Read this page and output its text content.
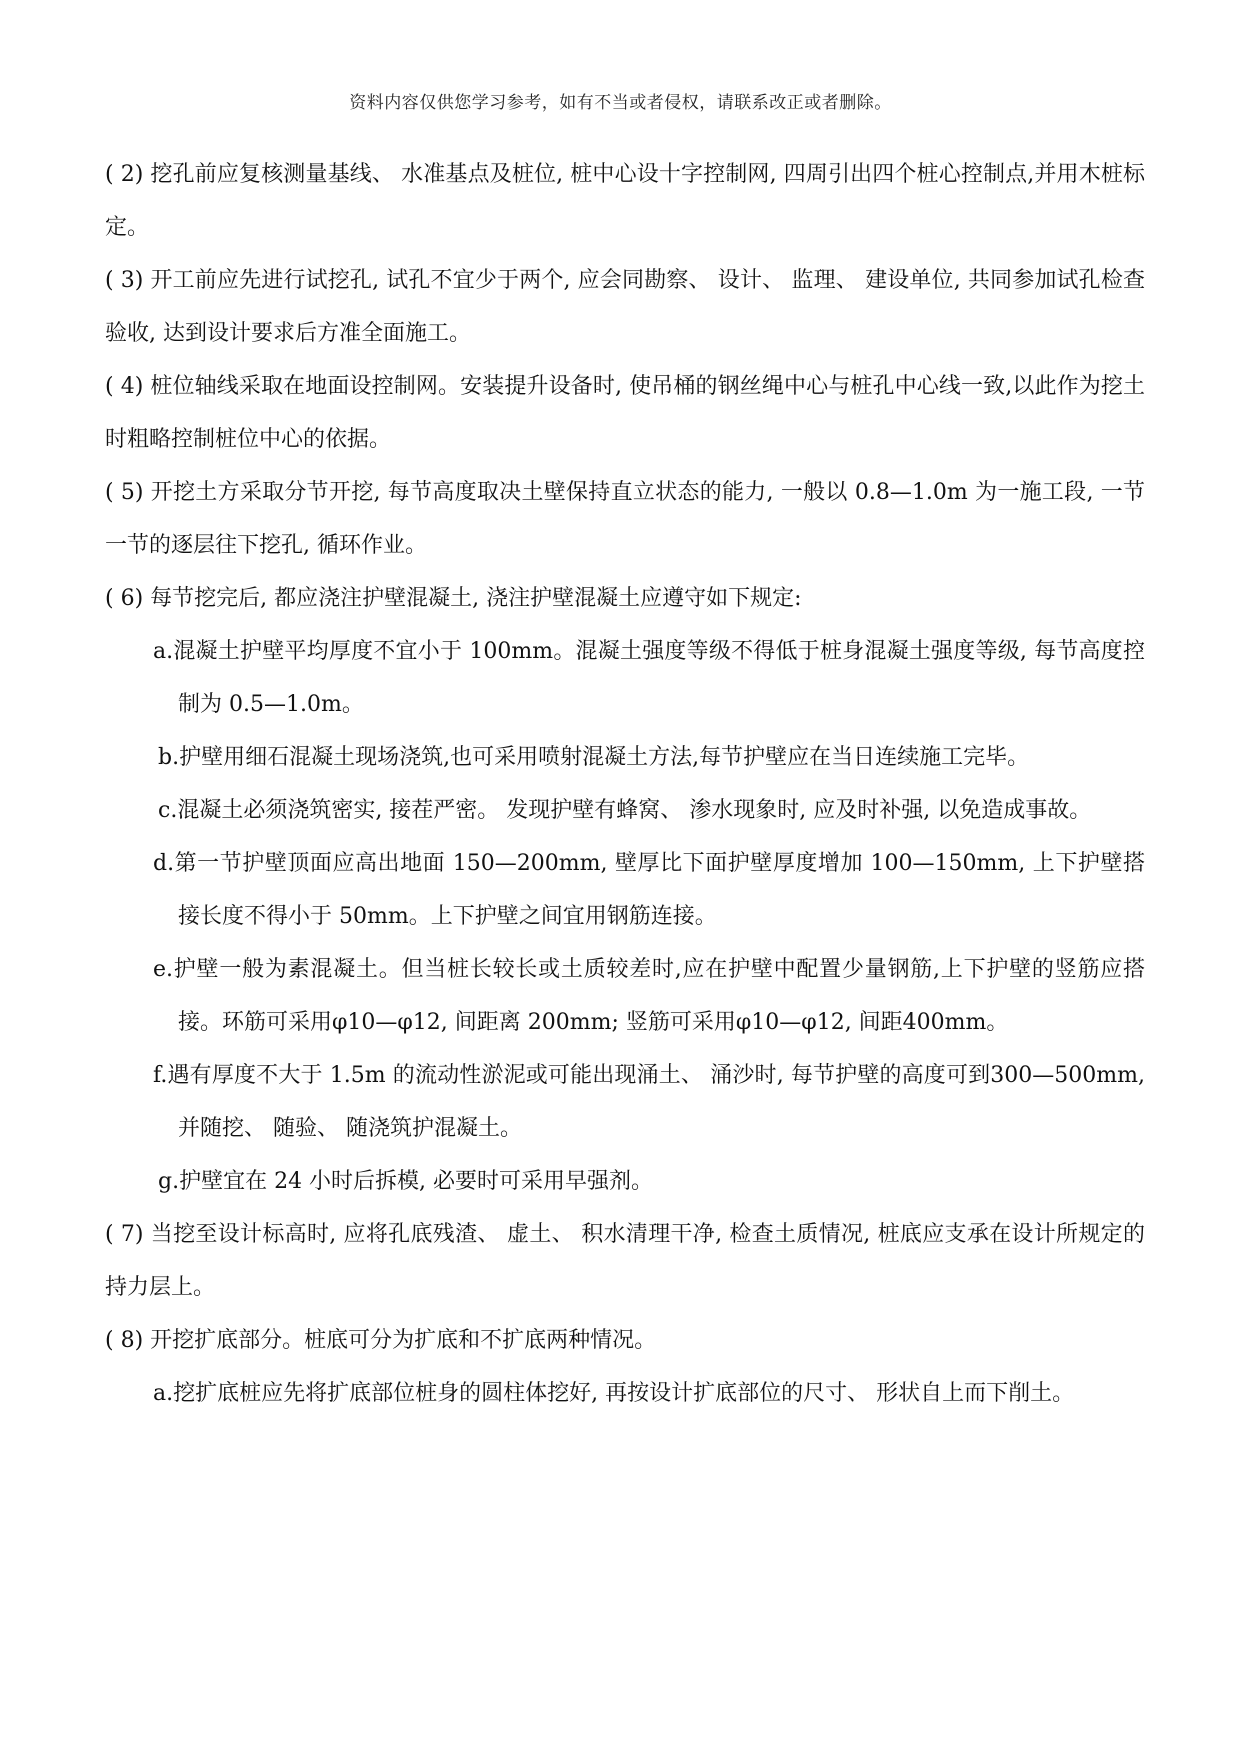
资料内容仅供您学习参考，如有不当或者侵权，请联系改正或者删除。

( 2) 挖孔前应复核测量基线、 水准基点及桩位, 桩中心设十字控制网, 四周引出四个桩心控制点,并用木桩标定。

( 3) 开工前应先进行试挖孔, 试孔不宜少于两个, 应会同勘察、 设计、 监理、 建设单位, 共同参加试孔检查验收, 达到设计要求后方准全面施工。

( 4) 桩位轴线采取在地面设控制网。安装提升设备时, 使吊桶的钢丝绳中心与桩孔中心线一致,以此作为挖土时粗略控制桩位中心的依据。

( 5) 开挖土方采取分节开挖, 每节高度取决土壁保持直立状态的能力, 一般以 0.8—1.0m 为一施工段, 一节一节的逐层往下挖孔, 循环作业。

( 6) 每节挖完后, 都应浇注护壁混凝土, 浇注护壁混凝土应遵守如下规定:

a.混凝土护壁平均厚度不宜小于 100mm。混凝土强度等级不得低于桩身混凝土强度等级, 每节高度控制为 0.5—1.0m。

b.护壁用细石混凝土现场浇筑,也可采用喷射混凝土方法,每节护壁应在当日连续施工完毕。

c.混凝土必须浇筑密实, 接茬严密。 发现护壁有蜂窝、 渗水现象时, 应及时补强, 以免造成事故。

d.第一节护壁顶面应高出地面 150—200mm, 壁厚比下面护壁厚度增加 100—150mm, 上下护壁搭接长度不得小于 50mm。上下护壁之间宜用钢筋连接。

e.护壁一般为素混凝土。但当桩长较长或土质较差时,应在护壁中配置少量钢筋,上下护壁的竖筋应搭接。环筋可采用φ10—φ12, 间距离 200mm; 竖筋可采用φ10—φ12, 间距400mm。

f.遇有厚度不大于 1.5m 的流动性淤泥或可能出现涌土、 涌沙时, 每节护壁的高度可到300—500mm, 并随挖、 随验、 随浇筑护混凝土。

g.护壁宜在 24 小时后拆模, 必要时可采用早强剂。

( 7) 当挖至设计标高时, 应将孔底残渣、 虚土、 积水清理干净, 检查土质情况, 桩底应支承在设计所规定的持力层上。

( 8) 开挖扩底部分。桩底可分为扩底和不扩底两种情况。

a.挖扩底桩应先将扩底部位桩身的圆柱体挖好, 再按设计扩底部位的尺寸、 形状自上而下削土。
